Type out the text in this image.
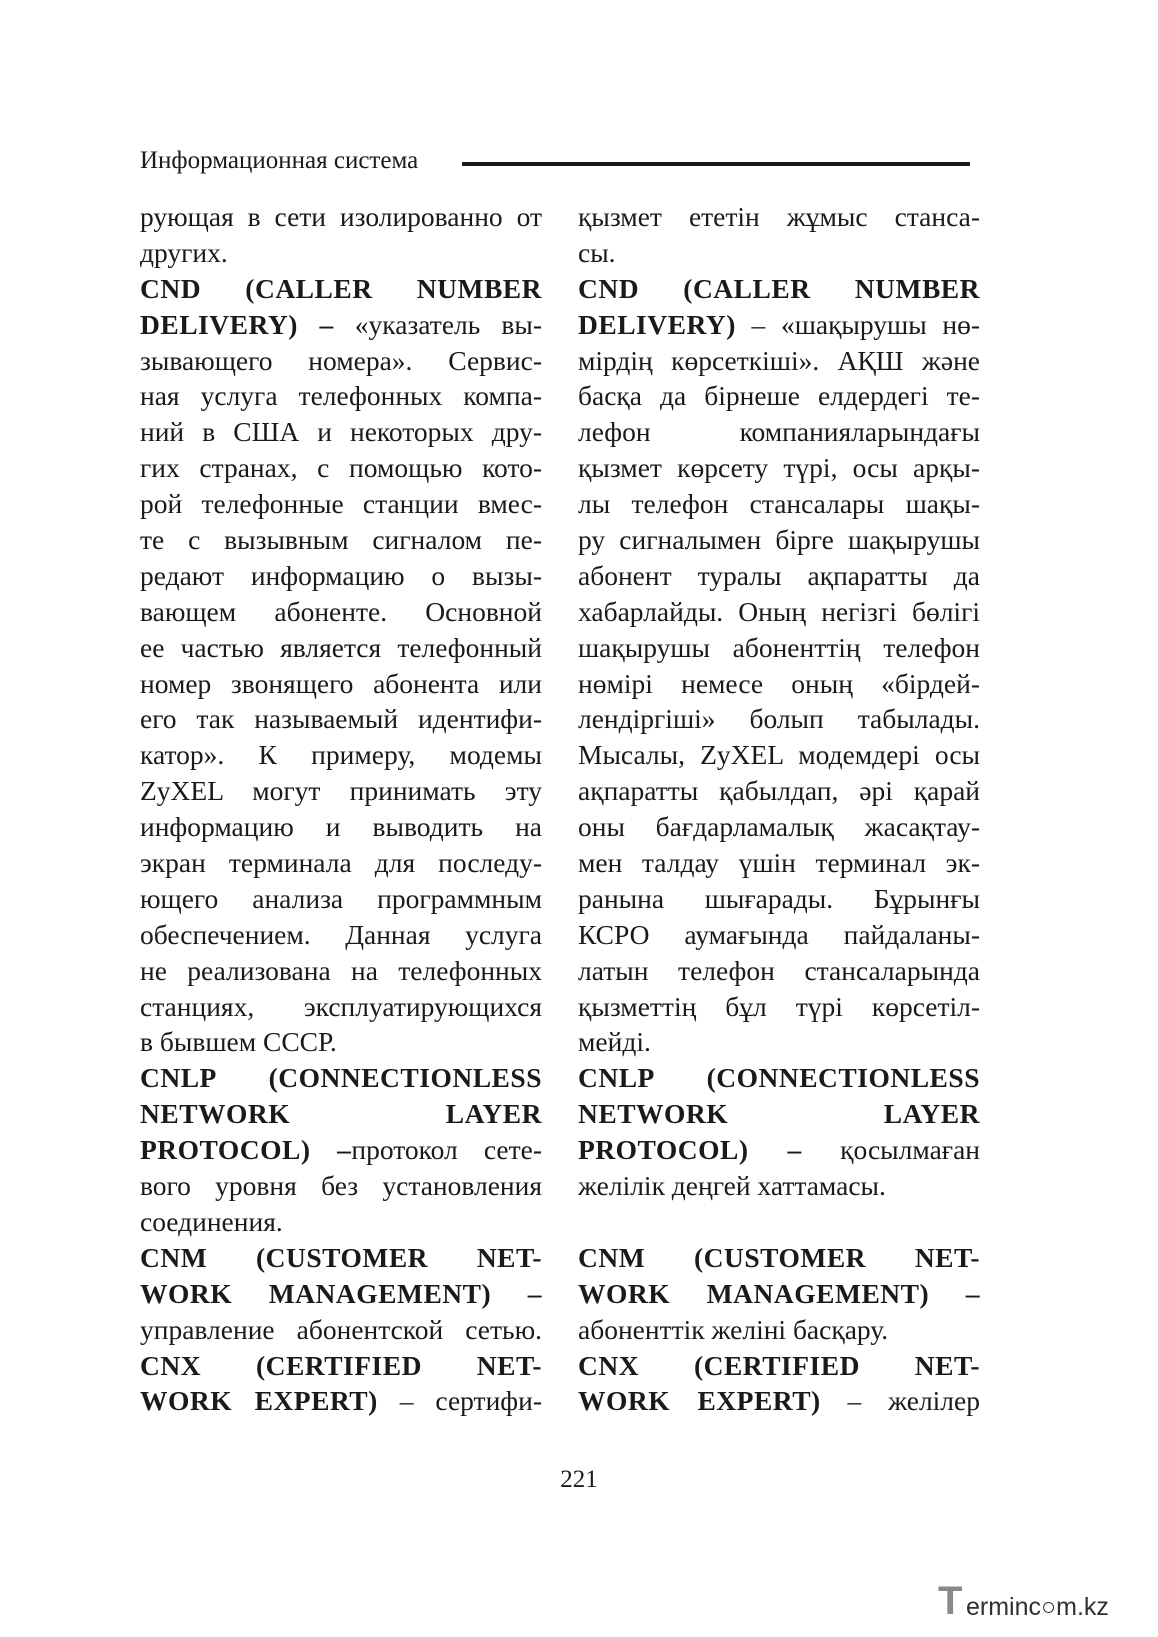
Информационная система
рующая в сети изолированно от
других.
CND (CALLER NUMBER
DELIVERY) – «указатель вы-
зывающего номера». Сервис-
ная услуга телефонных компа-
ний в США и некоторых дру-
гих странах, с помощью кото-
рой телефонные станции вмес-
те с вызывным сигналом пе-
редают информацию о вызы-
вающем абоненте. Основной
ее частью является телефонный
номер звонящего абонента или
его так называемый идентифи-
катор». К примеру, модемы
ZyXEL могут принимать эту
информацию и выводить на
экран терминала для последу-
ющего анализа программным
обеспечением. Данная услуга
не реализована на телефонных
станциях, эксплуатирующихся
в бывшем СССР.
CNLP (CONNECTIONLESS
NETWORK LAYER
PROTOCOL) –протокол сете-
вого уровня без установления
соединения.
CNM (CUSTOMER NET-
WORK MANAGEMENT) –
управление абонентской сетью.
CNX (CERTIFIED NET-
WORK EXPERT) – сертифи-
қызмет ететін жұмыс станса-
сы.
CND (CALLER NUMBER
DELIVERY) – «шақырушы нө-
мірдің көрсеткіші». АҚШ және
басқа да бірнеше елдердегі те-
лефон компанияларындағы
қызмет көрсету түрі, осы арқы-
лы телефон стансалары шақы-
ру сигналымен бірге шақырушы
абонент туралы ақпаратты да
хабарлайды. Оның негізгі бөлігі
шақырушы абоненттің телефон
нөмірі немесе оның «бірдей-
лендіргіші» болып табылады.
Мысалы, ZyXEL модемдері осы
ақпаратты қабылдап, әрі қарай
оны бағдарламалық жасақтау-
мен талдау үшін терминал эк-
ранына шығарады. Бұрынғы
КСРО аумағында пайдаланы-
латын телефон стансаларында
қызметтің бұл түрі көрсетіл-
мейді.
CNLP (CONNECTIONLESS
NETWORK LAYER
PROTOCOL) – қосылмаған
желілік деңгей хаттамасы.
CNM (CUSTOMER NET-
WORK MANAGEMENT) –
абоненттік желіні басқару.
CNX (CERTIFIED NET-
WORK EXPERT) – желілер
221
T erminc○m.kz
